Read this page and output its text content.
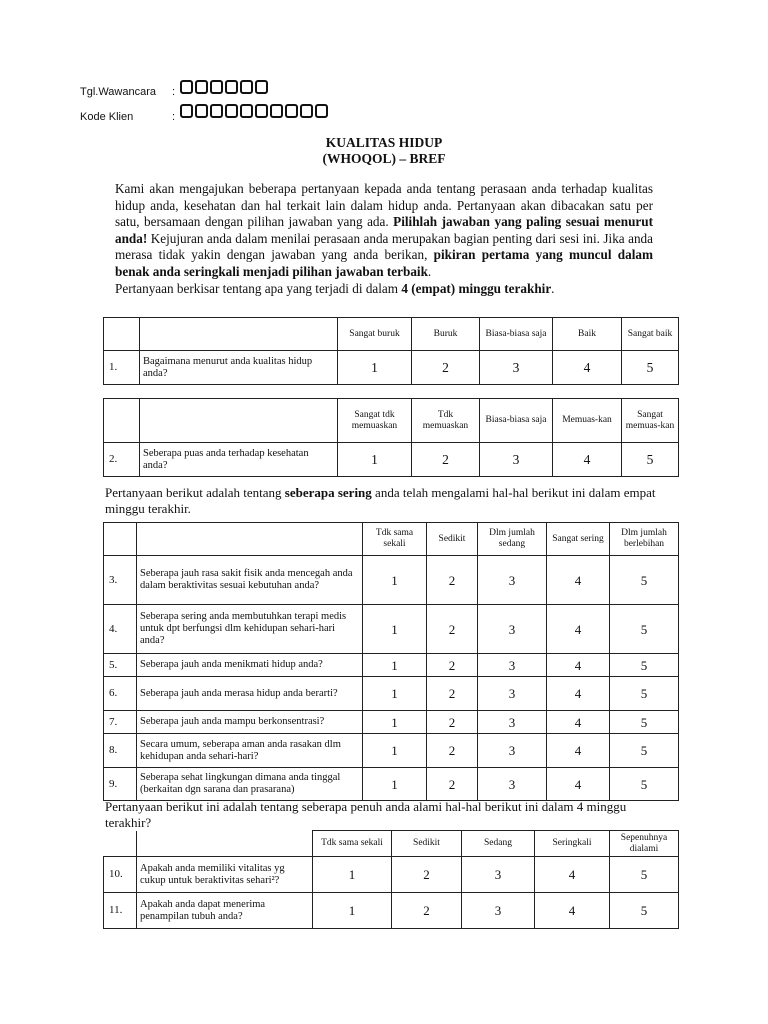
Tgl.Wawancara :
Kode Klien	:
KUALITAS HIDUP
(WHOQOL) – BREF

Kami akan mengajukan beberapa pertanyaan kepada anda tentang perasaan anda terhadap kualitas hidup anda, kesehatan dan hal terkait lain dalam hidup anda. Pertanyaan akan dibacakan satu per satu, bersamaan dengan pilihan jawaban yang ada. Pilihlah jawaban yang paling sesuai menurut anda! Kejujuran anda dalam menilai perasaan anda merupakan bagian penting dari sesi ini. Jika anda merasa tidak yakin dengan jawaban yang anda berikan, pikiran pertama yang muncul dalam benak anda seringkali menjadi pilihan jawaban terbaik.

Pertanyaan berkisar tentang apa yang terjadi di dalam 4 (empat) minggu terakhir.

		Sangat buruk	Buruk	Biasa-biasa saja	Baik	Sangat baik
1.	Bagaimana menurut anda kualitas hidup anda?	1	2	3	4	5
		Sangat tdk memuaskan	Tdk memuaskan	Biasa-biasa saja	Memuas-kan	Sangat memuas-kan
2.	Seberapa puas anda terhadap kesehatan anda?	1	2	3	4	5
Pertanyaan berikut adalah tentang seberapa sering anda telah mengalami hal-hal berikut ini dalam empat minggu terakhir.
		Tdk sama sekali	Sedikit	Dlm jumlah sedang	Sangat sering	Dlm jumlah berlebihan
3.	Seberapa jauh rasa sakit fisik anda mencegah anda dalam beraktivitas sesuai kebutuhan anda?	1	2	3	4	5
4.	Seberapa sering anda membutuhkan terapi medis untuk dpt berfungsi dlm kehidupan sehari-hari anda?	1	2	3	4	5
5.	Seberapa jauh anda menikmati hidup anda?	1	2	3	4	5
6.	Seberapa jauh anda merasa hidup anda berarti?	1	2	3	4	5
7.	Seberapa jauh anda mampu berkonsentrasi?	1	2	3	4	5
8.	Secara umum, seberapa aman anda rasakan dlm kehidupan anda sehari-hari?	1	2	3	4	5
9.	Seberapa sehat lingkungan dimana anda tinggal (berkaitan dgn sarana dan prasarana)	1	2	3	4	5
Pertanyaan berikut ini adalah tentang seberapa penuh anda alami hal-hal berikut ini dalam 4 minggu terakhir?
		Tdk sama sekali	Sedikit	Sedang	Seringkali	Sepenuhnya dialami
10.	Apakah anda memiliki vitalitas yg cukup untuk beraktivitas sehari²?	1	2	3	4	5
11.	Apakah anda dapat menerima penampilan tubuh anda?	1	2	3	4	5
